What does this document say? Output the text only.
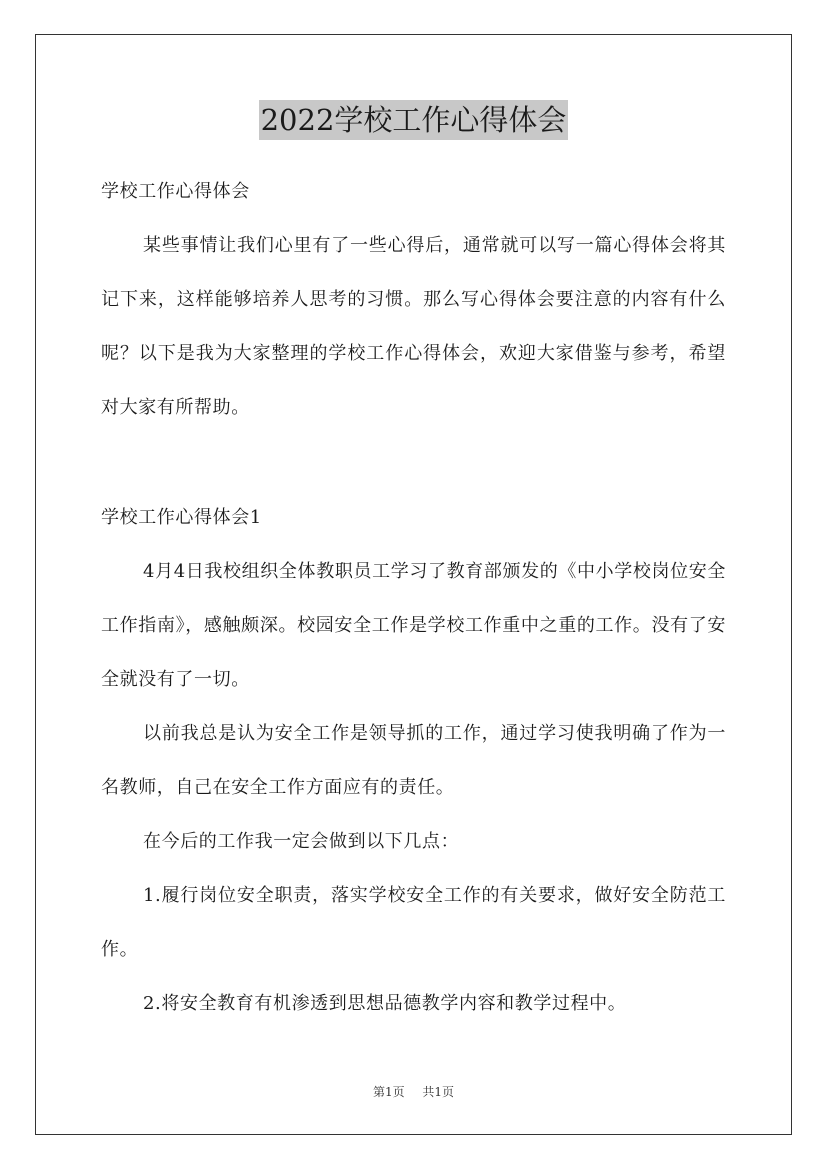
2022学校工作心得体会

学校工作心得体会

某些事情让我们心里有了一些心得后，通常就可以写一篇心得体会将其记下来，这样能够培养人思考的习惯。那么写心得体会要注意的内容有什么呢？以下是我为大家整理的学校工作心得体会，欢迎大家借鉴与参考，希望对大家有所帮助。

学校工作心得体会1

4月4日我校组织全体教职员工学习了教育部颁发的《中小学校岗位安全工作指南》，感触颇深。校园安全工作是学校工作重中之重的工作。没有了安全就没有了一切。

以前我总是认为安全工作是领导抓的工作，通过学习使我明确了作为一名教师，自己在安全工作方面应有的责任。

在今后的工作我一定会做到以下几点：

1.履行岗位安全职责，落实学校安全工作的有关要求，做好安全防范工作。

2.将安全教育有机渗透到思想品德教学内容和教学过程中。

第1页 共1页
